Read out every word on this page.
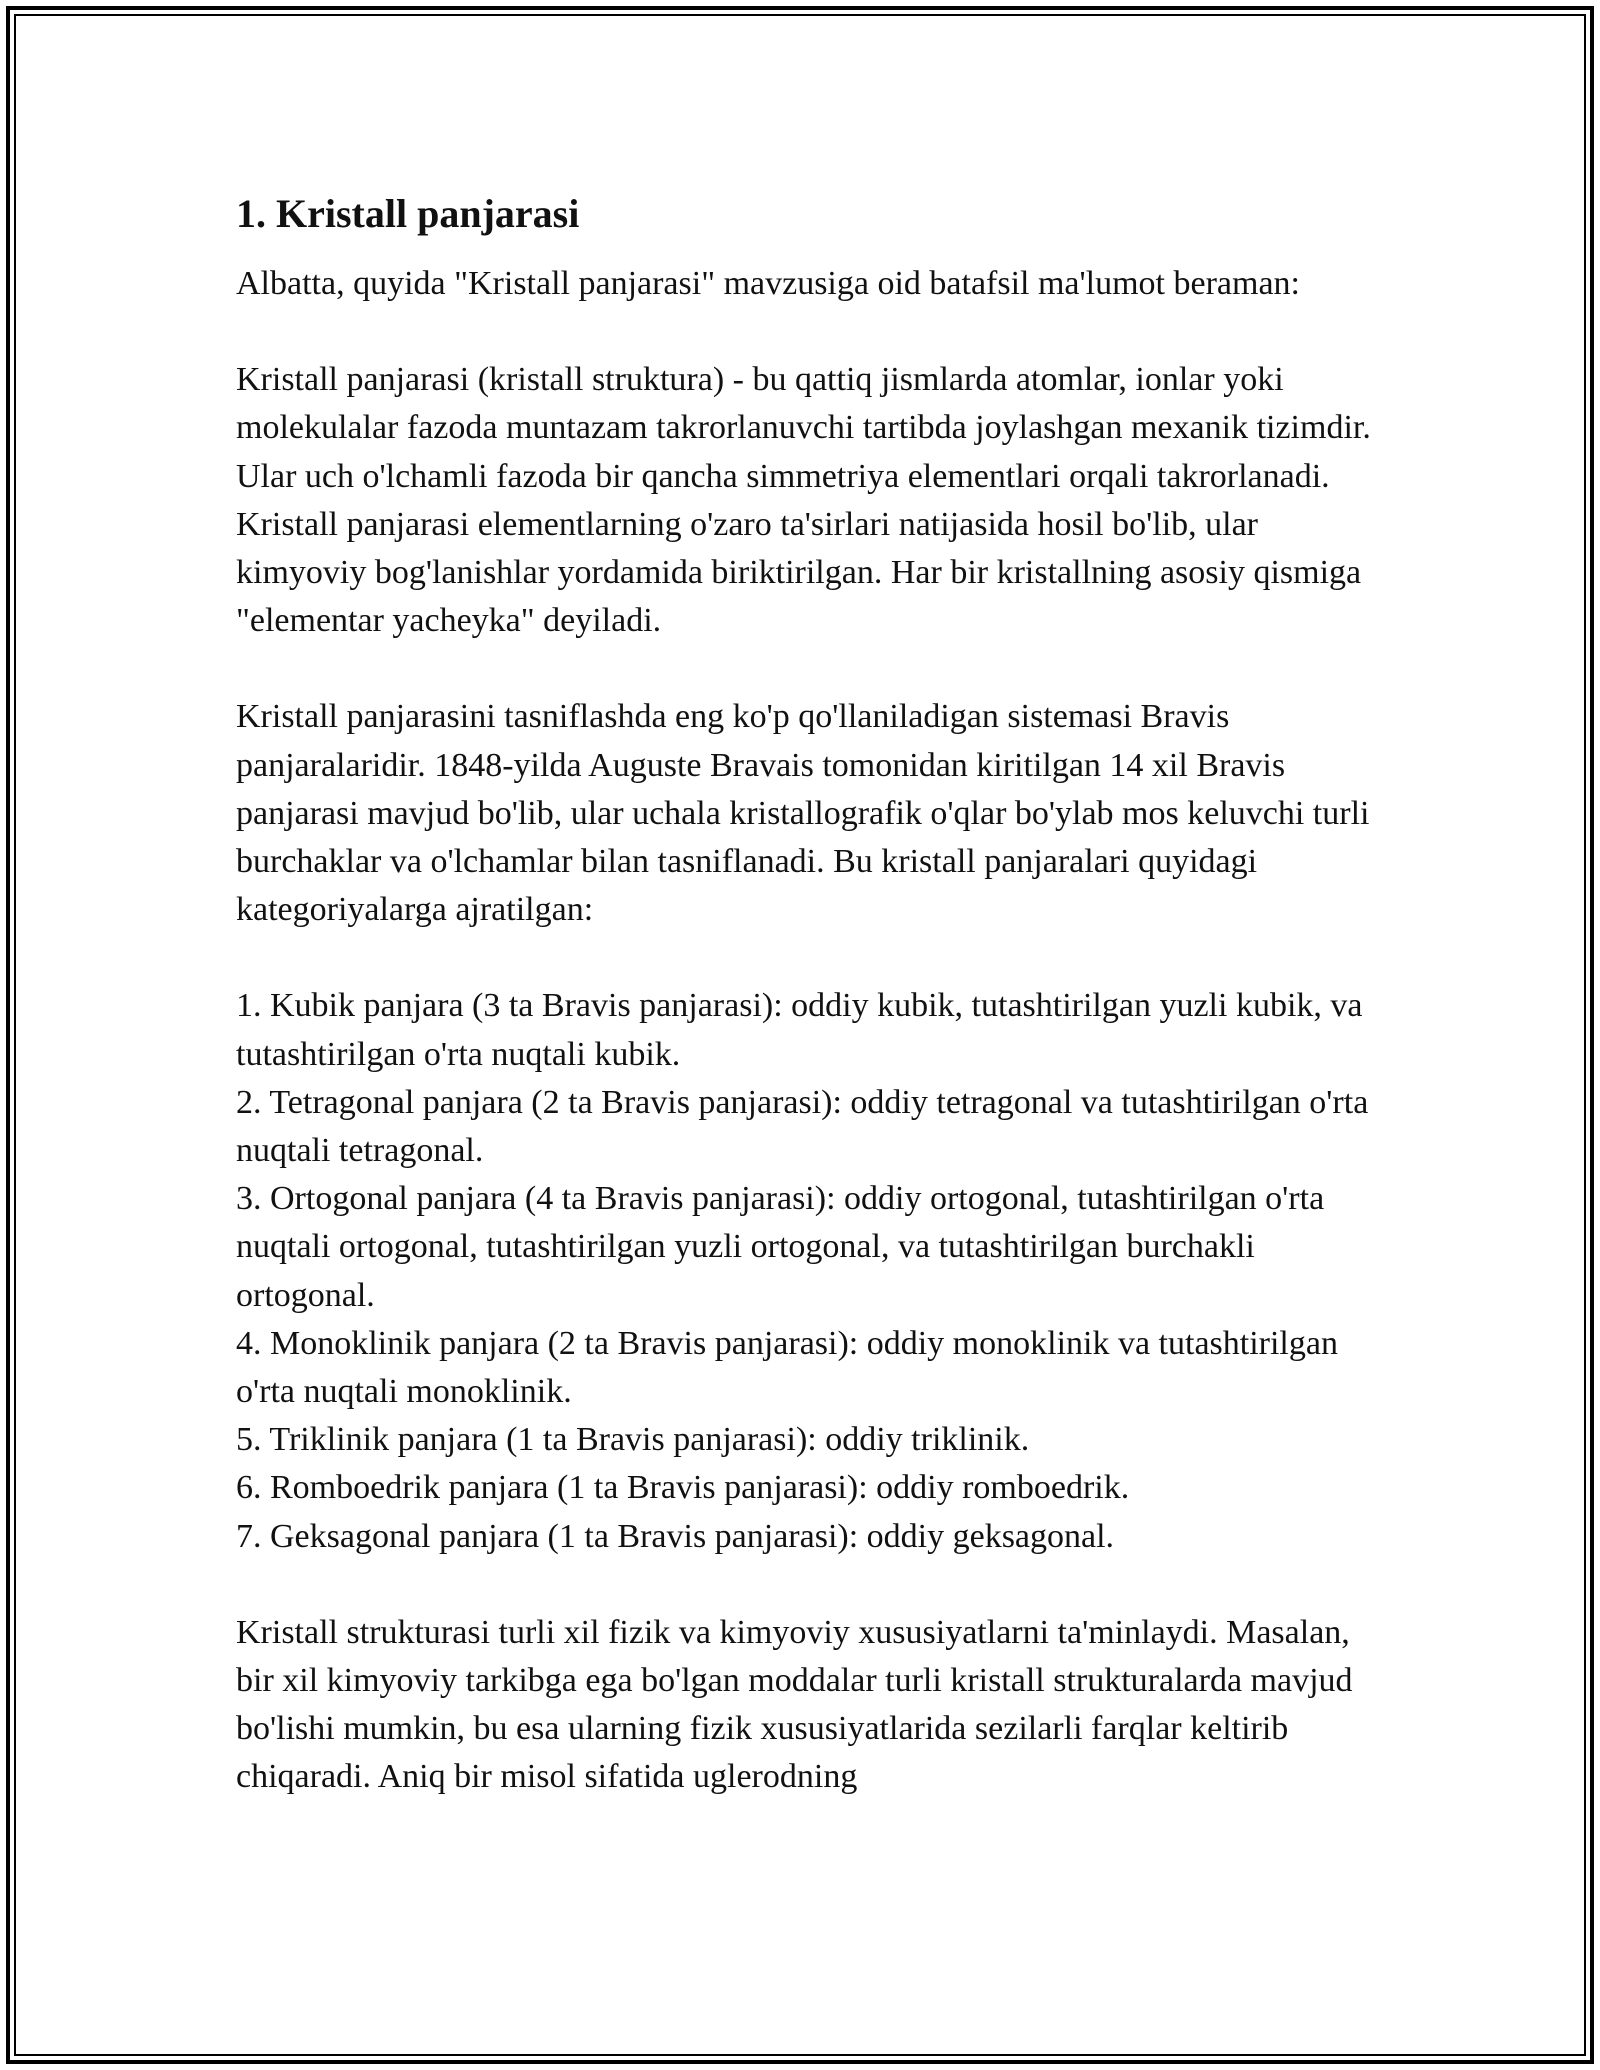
1. Kristall panjarasi

Albatta, quyida "Kristall panjarasi" mavzusiga oid batafsil ma'lumot beraman:

Kristall panjarasi (kristall struktura) - bu qattiq jismlarda atomlar, ionlar yoki molekulalar fazoda muntazam takrorlanuvchi tartibda joylashgan mexanik tizimdir. Ular uch o'lchamli fazoda bir qancha simmetriya elementlari orqali takrorlanadi. Kristall panjarasi elementlarning o'zaro ta'sirlari natijasida hosil bo'lib, ular kimyoviy bog'lanishlar yordamida biriktirilgan. Har bir kristallning asosiy qismiga "elementar yacheyka" deyiladi.

Kristall panjarasini tasniflashda eng ko'p qo'llaniladigan sistemasi Bravis panjaralaridir. 1848-yilda Auguste Bravais tomonidan kiritilgan 14 xil Bravis panjarasi mavjud bo'lib, ular uchala kristallografik o'qlar bo'ylab mos keluvchi turli burchaklar va o'lchamlar bilan tasniflanadi. Bu kristall panjaralari quyidagi kategoriyalarga ajratilgan:

1. Kubik panjara (3 ta Bravis panjarasi): oddiy kubik, tutashtirilgan yuzli kubik, va tutashtirilgan o'rta nuqtali kubik.
2. Tetragonal panjara (2 ta Bravis panjarasi): oddiy tetragonal va tutashtirilgan o'rta nuqtali tetragonal.
3. Ortogonal panjara (4 ta Bravis panjarasi): oddiy ortogonal, tutashtirilgan o'rta nuqtali ortogonal, tutashtirilgan yuzli ortogonal, va tutashtirilgan burchakli ortogonal.
4. Monoklinik panjara (2 ta Bravis panjarasi): oddiy monoklinik va tutashtirilgan o'rta nuqtali monoklinik.
5. Triklinik panjara (1 ta Bravis panjarasi): oddiy triklinik.
6. Romboedrik panjara (1 ta Bravis panjarasi): oddiy romboedrik.
7. Geksagonal panjara (1 ta Bravis panjarasi): oddiy geksagonal.

Kristall strukturasi turli xil fizik va kimyoviy xususiyatlarni ta'minlaydi. Masalan, bir xil kimyoviy tarkibga ega bo'lgan moddalar turli kristall strukturalarda mavjud bo'lishi mumkin, bu esa ularning fizik xususiyatlarida sezilarli farqlar keltirib chiqaradi. Aniq bir misol sifatida uglerodning
